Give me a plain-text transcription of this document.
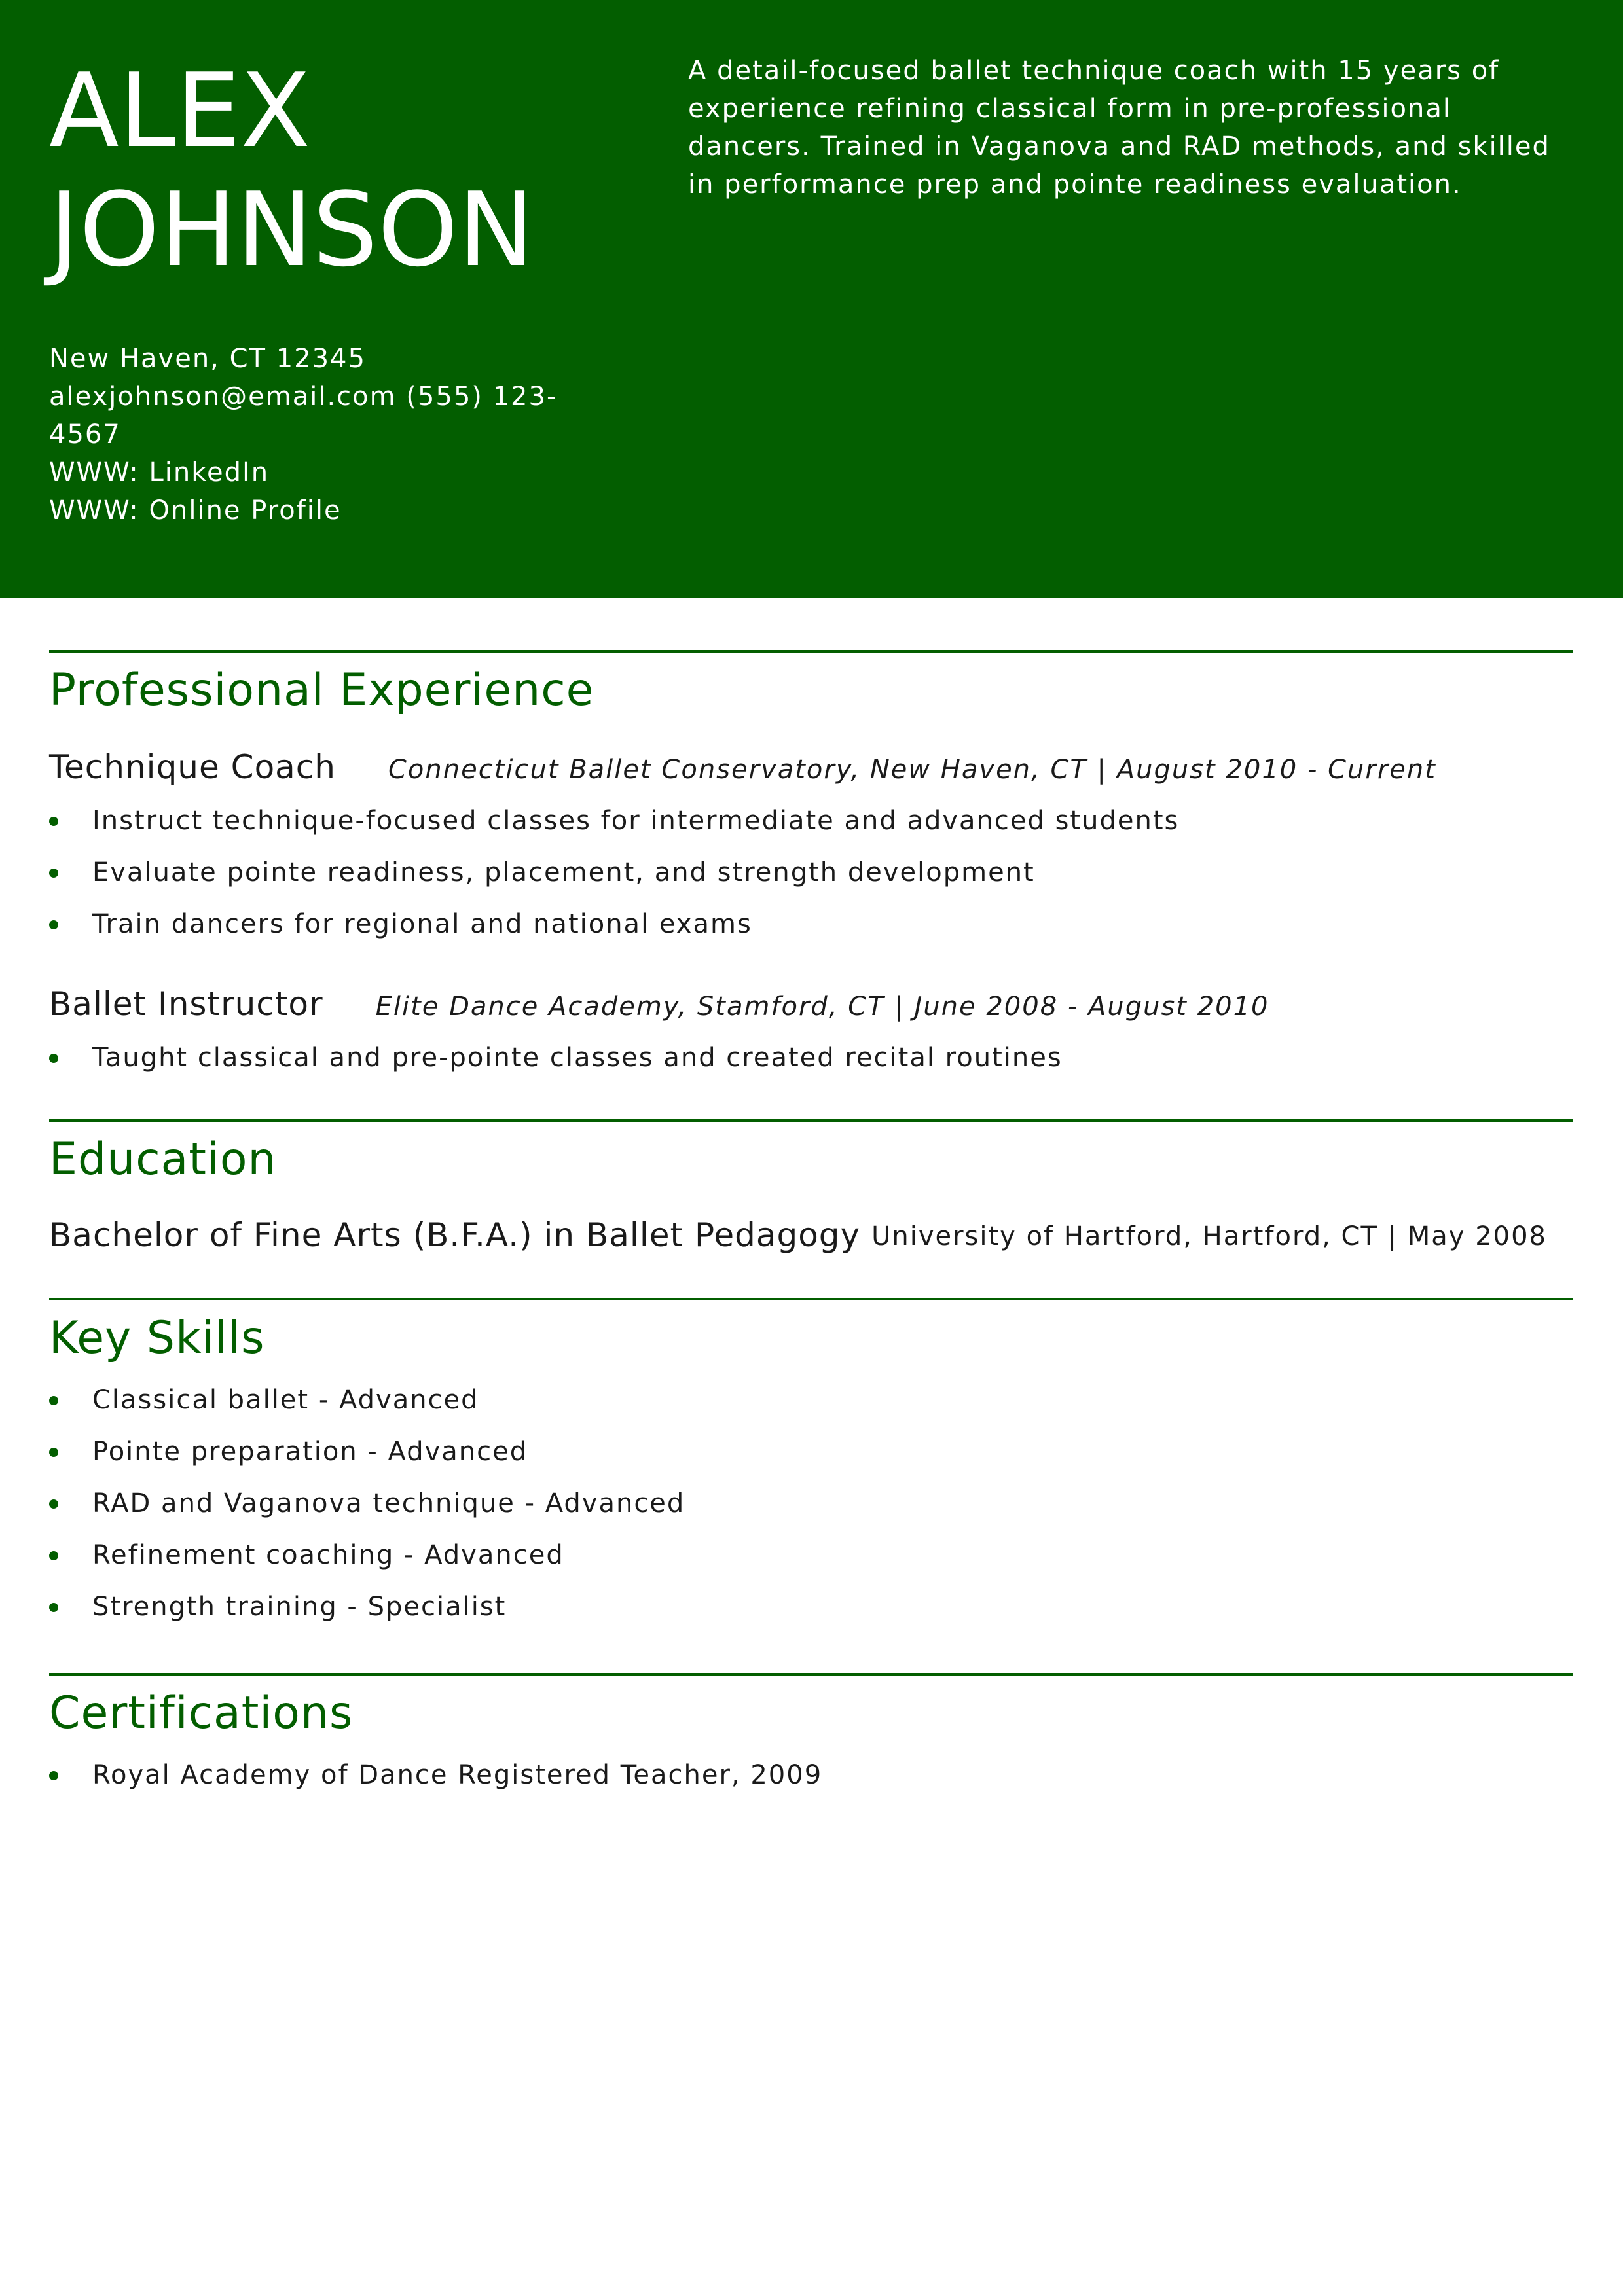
ALEX
JOHNSON
A detail-focused ballet technique coach with 15 years of experience refining classical form in pre-professional dancers. Trained in Vaganova and RAD methods, and skilled in performance prep and pointe readiness evaluation.
New Haven, CT 12345
alexjohnson@email.com (555) 123-4567
WWW: LinkedIn
WWW: Online Profile
Professional Experience
Technique Coach Connecticut Ballet Conservatory, New Haven, CT | August 2010 - Current
Instruct technique-focused classes for intermediate and advanced students
Evaluate pointe readiness, placement, and strength development
Train dancers for regional and national exams
Ballet Instructor Elite Dance Academy, Stamford, CT | June 2008 - August 2010
Taught classical and pre-pointe classes and created recital routines
Education
Bachelor of Fine Arts (B.F.A.) in Ballet Pedagogy University of Hartford, Hartford, CT | May 2008
Key Skills
Classical ballet - Advanced
Pointe preparation - Advanced
RAD and Vaganova technique - Advanced
Refinement coaching - Advanced
Strength training - Specialist
Certifications
Royal Academy of Dance Registered Teacher, 2009
